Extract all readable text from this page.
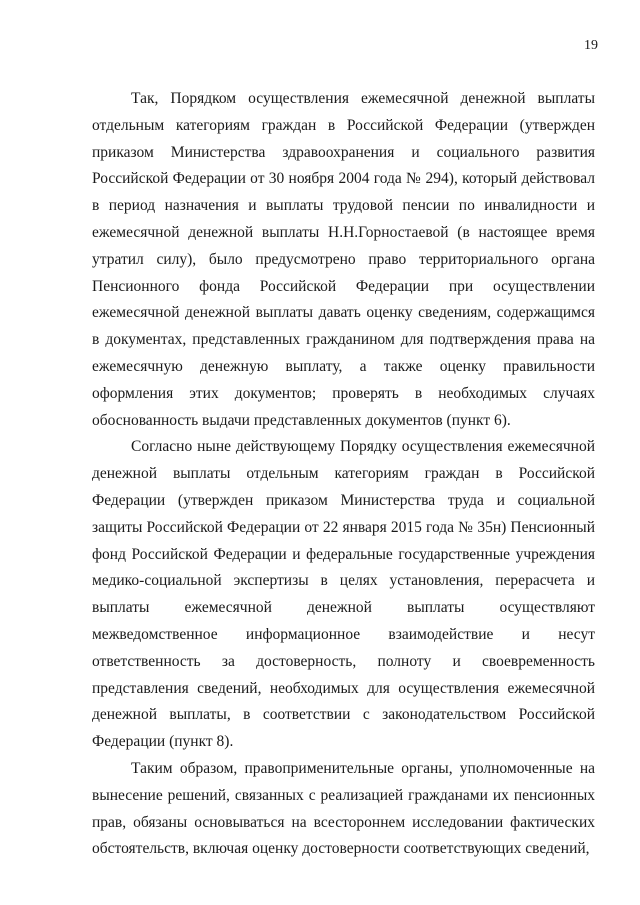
19

Так, Порядком осуществления ежемесячной денежной выплаты отдельным категориям граждан в Российской Федерации (утвержден приказом Министерства здравоохранения и социального развития Российской Федерации от 30 ноября 2004 года № 294), который действовал в период назначения и выплаты трудовой пенсии по инвалидности и ежемесячной денежной выплаты Н.Н.Горностаевой (в настоящее время утратил силу), было предусмотрено право территориального органа Пенсионного фонда Российской Федерации при осуществлении ежемесячной денежной выплаты давать оценку сведениям, содержащимся в документах, представленных гражданином для подтверждения права на ежемесячную денежную выплату, а также оценку правильности оформления этих документов; проверять в необходимых случаях обоснованность выдачи представленных документов (пункт 6).

Согласно ныне действующему Порядку осуществления ежемесячной денежной выплаты отдельным категориям граждан в Российской Федерации (утвержден приказом Министерства труда и социальной защиты Российской Федерации от 22 января 2015 года № 35н) Пенсионный фонд Российской Федерации и федеральные государственные учреждения медико-социальной экспертизы в целях установления, перерасчета и выплаты ежемесячной денежной выплаты осуществляют межведомственное информационное взаимодействие и несут ответственность за достоверность, полноту и своевременность представления сведений, необходимых для осуществления ежемесячной денежной выплаты, в соответствии с законодательством Российской Федерации (пункт 8).

Таким образом, правоприменительные органы, уполномоченные на вынесение решений, связанных с реализацией гражданами их пенсионных прав, обязаны основываться на всестороннем исследовании фактических обстоятельств, включая оценку достоверности соответствующих сведений,
